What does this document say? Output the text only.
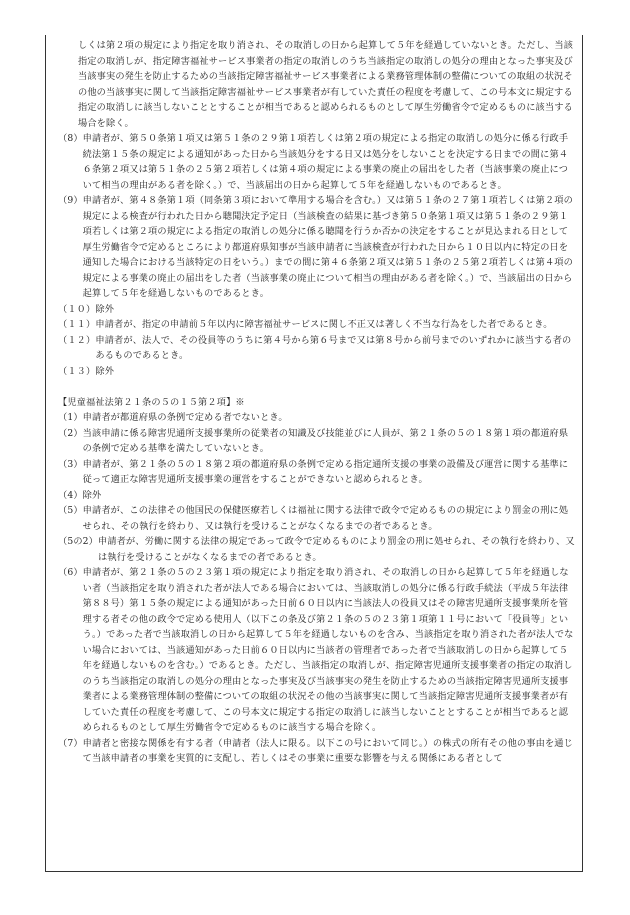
しくは第２項の規定により指定を取り消され、その取消しの日から起算して５年を経過していないとき。ただし、当該指定の取消しが、指定障害福祉サービス事業者の指定の取消しのうち当該指定の取消しの処分の理由となった事実及び当該事実の発生を防止するための当該指定障害福祉サービス事業者による業務管理体制の整備についての取組の状況その他の当該事実に関して当該指定障害福祉サービス事業者が有していた責任の程度を考慮して、この号本文に規定する指定の取消しに該当しないこととすることが相当であると認められるものとして厚生労働省令で定めるものに該当する場合を除く。
（8） 申請者が、第５０条第１項又は第５１条の２９第１項若しくは第２項の規定による指定の取消しの処分に係る行政手続法第１５条の規定による通知があった日から当該処分をする日又は処分をしないことを決定する日までの間に第４６条第２項又は第５１条の２５第２項若しくは第４項の規定による事業の廃止の届出をした者（当該事業の廃止について相当の理由がある者を除く。）で、当該届出の日から起算して５年を経過しないものであるとき。
（9） 申請者が、第４８条第１項（同条第３項において準用する場合を含む。）又は第５１条の２７第１項若しくは第２項の規定による検査が行われた日から聴聞決定予定日（当該検査の結果に基づき第５０条第１項又は第５１条の２９第１項若しくは第２項の規定による指定の取消しの処分に係る聴聞を行うか否かの決定をすることが見込まれる日として厚生労働省令で定めるところにより都道府県知事が当該申請者に当該検査が行われた日から１０日以内に特定の日を通知した場合における当該特定の日をいう。）までの間に第４６条第２項又は第５１条の２５第２項若しくは第４項の規定による事業の廃止の届出をした者（当該事業の廃止について相当の理由がある者を除く。）で、当該届出の日から起算して５年を経過しないものであるとき。
（１０） 除外
（１１） 申請者が、指定の申請前５年以内に障害福祉サービスに関し不正又は著しく不当な行為をした者であるとき。
（１２） 申請者が、法人で、その役員等のうちに第４号から第６号まで又は第８号から前号までのいずれかに該当する者のあるものであるとき。
（１３） 除外
【児童福祉法第２１条の５の１５第２項】※
（1） 申請者が都道府県の条例で定める者でないとき。
（2） 当該申請に係る障害児通所支援事業所の従業者の知識及び技能並びに人員が、第２１条の５の１８第１項の都道府県の条例で定める基準を満たしていないとき。
（3） 申請者が、第２１条の５の１８第２項の都道府県の条例で定める指定通所支援の事業の設備及び運営に関する基準に従って適正な障害児通所支援事業の運営をすることができないと認められるとき。
（4） 除外
（5） 申請者が、この法律その他国民の保健医療若しくは福祉に関する法律で政令で定めるものの規定により罰金の刑に処せられ、その執行を終わり、又は執行を受けることがなくなるまでの者であるとき。
（5の2） 申請者が、労働に関する法律の規定であって政令で定めるものにより罰金の刑に処せられ、その執行を終わり、又は執行を受けることがなくなるまでの者であるとき。
（6） 申請者が、第２１条の５の２３第１項の規定により指定を取り消され、その取消しの日から起算して５年を経過しない者（当該指定を取り消された者が法人である場合においては、当該取消しの処分に係る行政手続法（平成５年法律第８８号）第１５条の規定による通知があった日前６０日以内に当該法人の役員又はその障害児通所支援事業所を管理する者その他の政令で定める使用人（以下この条及び第２１条の５の２３第１項第１１号において「役員等」という。）であった者で当該取消しの日から起算して５年を経過しないものを含み、当該指定を取り消された者が法人でない場合においては、当該通知があった日前６０日以内に当該者の管理者であった者で当該取消しの日から起算して５年を経過しないものを含む。）であるとき。ただし、当該指定の取消しが、指定障害児通所支援事業者の指定の取消しのうち当該指定の取消しの処分の理由となった事実及び当該事実の発生を防止するための当該指定障害児通所支援事業者による業務管理体制の整備についての取組の状況その他の当該事実に関して当該指定障害児通所支援事業者が有していた責任の程度を考慮して、この号本文に規定する指定の取消しに該当しないこととすることが相当であると認められるものとして厚生労働省令で定めるものに該当する場合を除く。
（7） 申請者と密接な関係を有する者（申請者（法人に限る。以下この号において同じ。）の株式の所有その他の事由を通じて当該申請者の事業を実質的に支配し、若しくはその事業に重要な影響を与える関係にある者として
